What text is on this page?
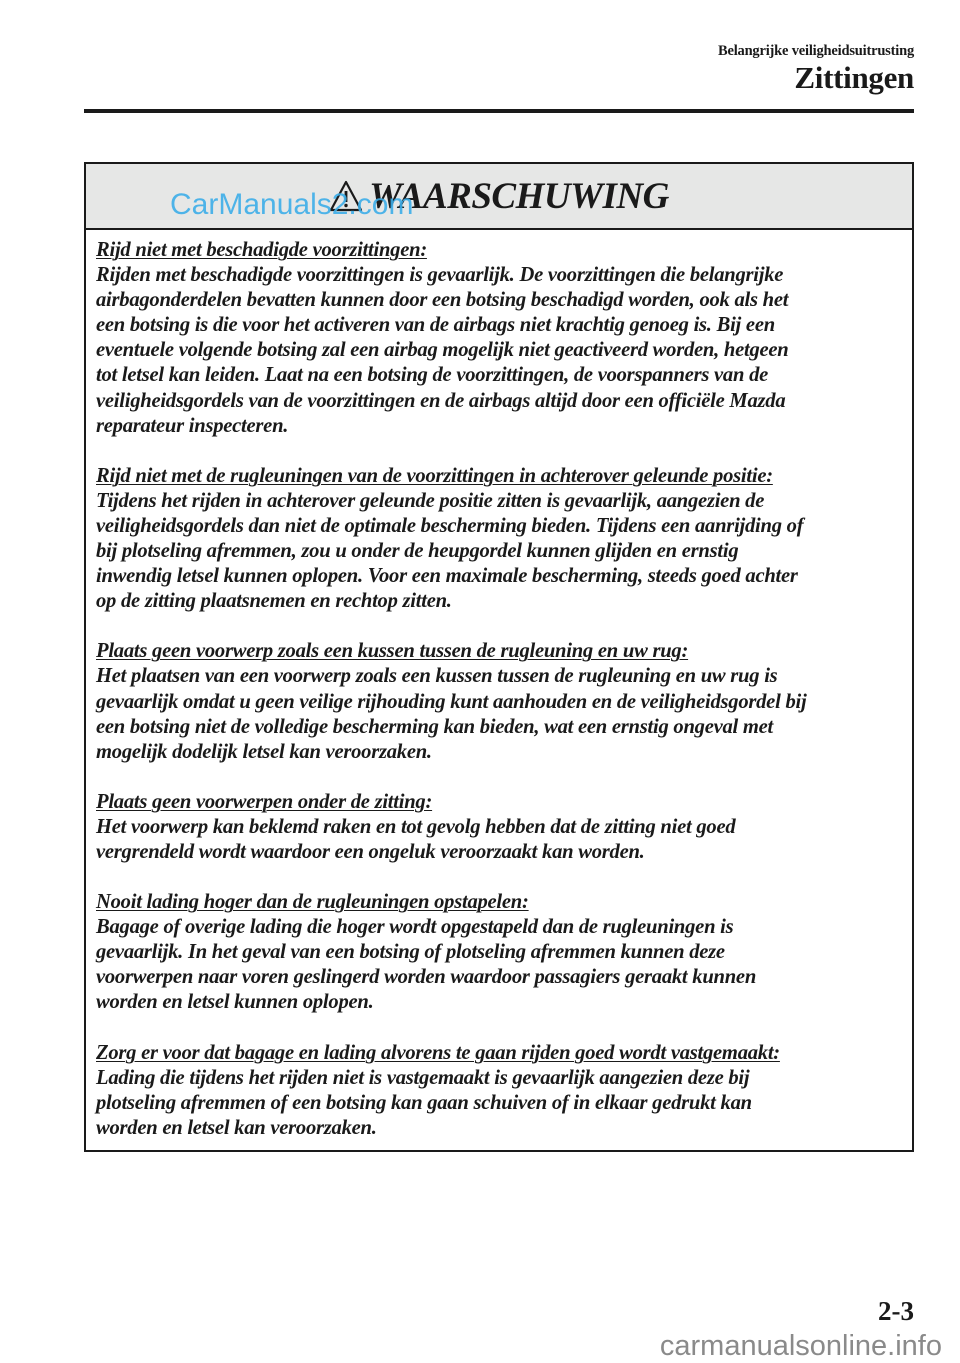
Belangrijke veiligheidsuitrusting
Zittingen
CarManuals2.com
WAARSCHUWING
Rijd niet met beschadigde voorzittingen:
Rijden met beschadigde voorzittingen is gevaarlijk. De voorzittingen die belangrijke
airbagonderdelen bevatten kunnen door een botsing beschadigd worden, ook als het
een botsing is die voor het activeren van de airbags niet krachtig genoeg is. Bij een
eventuele volgende botsing zal een airbag mogelijk niet geactiveerd worden, hetgeen
tot letsel kan leiden. Laat na een botsing de voorzittingen, de voorspanners van de
veiligheidsgordels van de voorzittingen en de airbags altijd door een officiële Mazda
reparateur inspecteren.
Rijd niet met de rugleuningen van de voorzittingen in achterover geleunde positie:
Tijdens het rijden in achterover geleunde positie zitten is gevaarlijk, aangezien de
veiligheidsgordels dan niet de optimale bescherming bieden. Tijdens een aanrijding of
bij plotseling afremmen, zou u onder de heupgordel kunnen glijden en ernstig
inwendig letsel kunnen oplopen. Voor een maximale bescherming, steeds goed achter
op de zitting plaatsnemen en rechtop zitten.
Plaats geen voorwerp zoals een kussen tussen de rugleuning en uw rug:
Het plaatsen van een voorwerp zoals een kussen tussen de rugleuning en uw rug is
gevaarlijk omdat u geen veilige rijhouding kunt aanhouden en de veiligheidsgordel bij
een botsing niet de volledige bescherming kan bieden, wat een ernstig ongeval met
mogelijk dodelijk letsel kan veroorzaken.
Plaats geen voorwerpen onder de zitting:
Het voorwerp kan beklemd raken en tot gevolg hebben dat de zitting niet goed
vergrendeld wordt waardoor een ongeluk veroorzaakt kan worden.
Nooit lading hoger dan de rugleuningen opstapelen:
Bagage of overige lading die hoger wordt opgestapeld dan de rugleuningen is
gevaarlijk. In het geval van een botsing of plotseling afremmen kunnen deze
voorwerpen naar voren geslingerd worden waardoor passagiers geraakt kunnen
worden en letsel kunnen oplopen.
Zorg er voor dat bagage en lading alvorens te gaan rijden goed wordt vastgemaakt:
Lading die tijdens het rijden niet is vastgemaakt is gevaarlijk aangezien deze bij
plotseling afremmen of een botsing kan gaan schuiven of in elkaar gedrukt kan
worden en letsel kan veroorzaken.
2-3
carmanualsonline.info
